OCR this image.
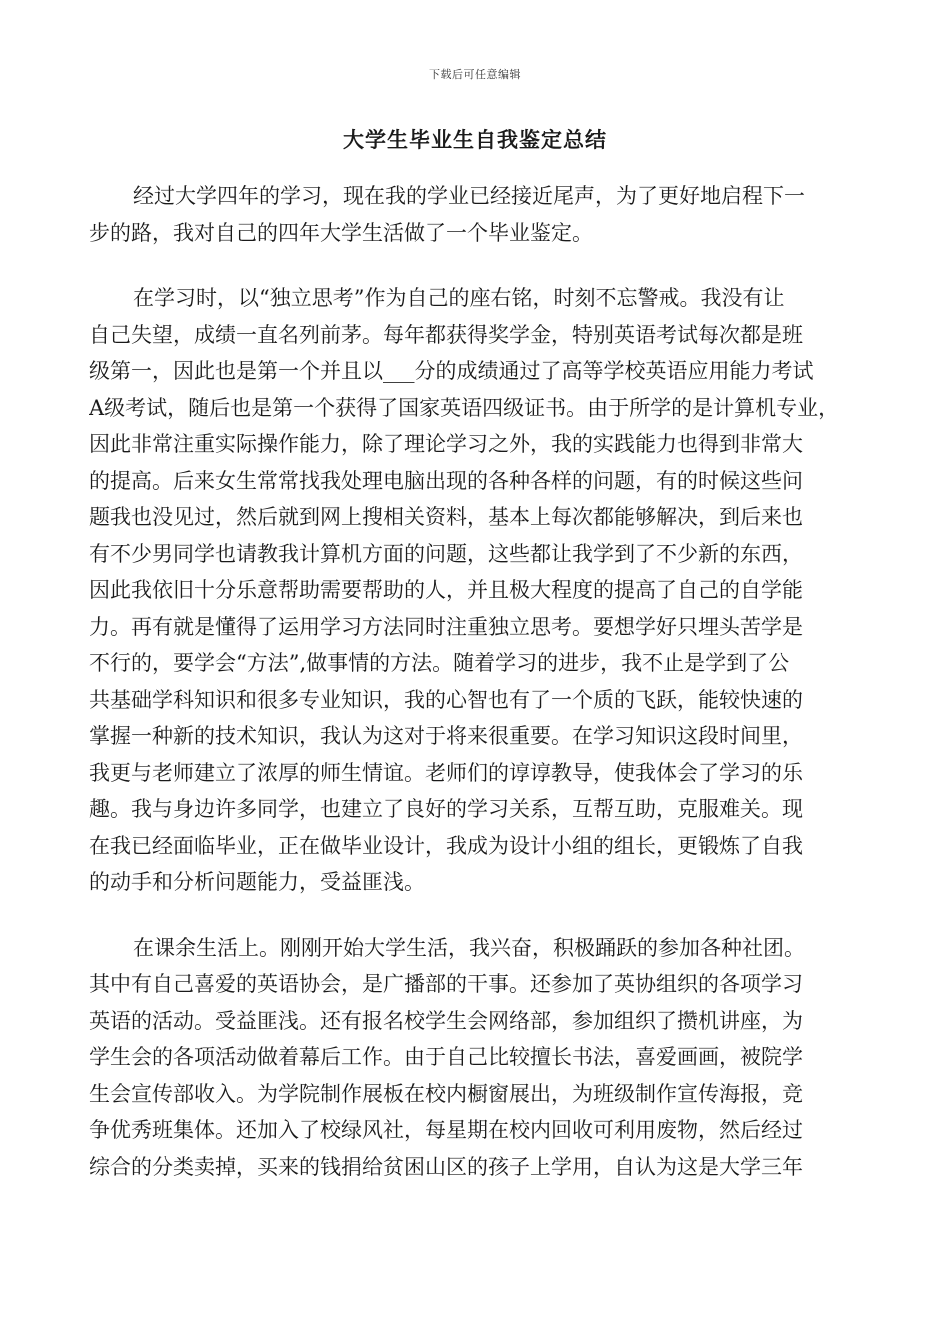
下载后可任意编辑
大学生毕业生自我鉴定总结
经过大学四年的学习，现在我的学业已经接近尾声，为了更好地启程下一
步的路，我对自己的四年大学生活做了一个毕业鉴定。
在学习时，以“独立思考”作为自己的座右铭，时刻不忘警戒。我没有让
自己失望，成绩一直名列前茅。每年都获得奖学金，特别英语考试每次都是班
级第一，因此也是第一个并且以___分的成绩通过了高等学校英语应用能力考试
A级考试，随后也是第一个获得了国家英语四级证书。由于所学的是计算机专业，
因此非常注重实际操作能力，除了理论学习之外，我的实践能力也得到非常大
的提高。后来女生常常找我处理电脑出现的各种各样的问题，有的时候这些问
题我也没见过，然后就到网上搜相关资料，基本上每次都能够解决，到后来也
有不少男同学也请教我计算机方面的问题，这些都让我学到了不少新的东西，
因此我依旧十分乐意帮助需要帮助的人，并且极大程度的提高了自己的自学能
力。再有就是懂得了运用学习方法同时注重独立思考。要想学好只埋头苦学是
不行的，要学会“方法”,做事情的方法。随着学习的进步，我不止是学到了公
共基础学科知识和很多专业知识，我的心智也有了一个质的飞跃，能较快速的
掌握一种新的技术知识，我认为这对于将来很重要。在学习知识这段时间里，
我更与老师建立了浓厚的师生情谊。老师们的谆谆教导，使我体会了学习的乐
趣。我与身边许多同学，也建立了良好的学习关系，互帮互助，克服难关。现
在我已经面临毕业，正在做毕业设计，我成为设计小组的组长，更锻炼了自我
的动手和分析问题能力，受益匪浅。
在课余生活上。刚刚开始大学生活，我兴奋，积极踊跃的参加各种社团。
其中有自己喜爱的英语协会，是广播部的干事。还参加了英协组织的各项学习
英语的活动。受益匪浅。还有报名校学生会网络部，参加组织了攒机讲座，为
学生会的各项活动做着幕后工作。由于自己比较擅长书法，喜爱画画，被院学
生会宣传部收入。为学院制作展板在校内橱窗展出，为班级制作宣传海报，竞
争优秀班集体。还加入了校绿风社，每星期在校内回收可利用废物，然后经过
综合的分类卖掉，买来的钱捐给贫困山区的孩子上学用，自认为这是大学三年
